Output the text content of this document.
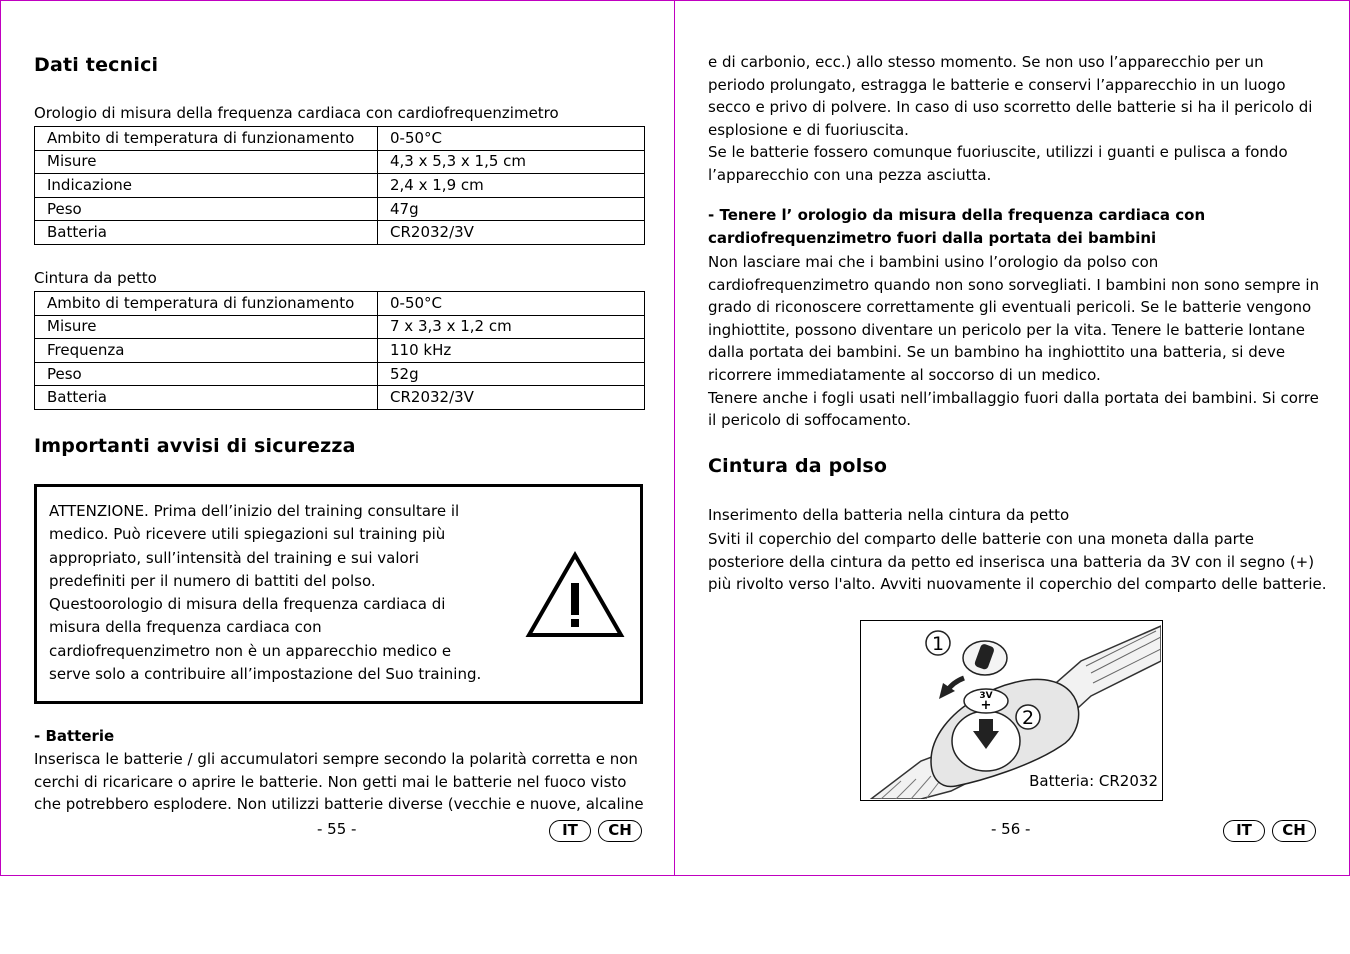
Dati tecnici
Orologio di misura della frequenza cardiaca con cardiofrequenzimetro
Ambito di temperatura di funzionamento	0-50°C
Misure	4,3 x 5,3 x 1,5 cm
Indicazione	2,4 x 1,9 cm
Peso	47g
Batteria	CR2032/3V
Cintura da petto
Ambito di temperatura di funzionamento	0-50°C
Misure	7 x 3,3 x 1,2 cm
Frequenza	110 kHz
Peso	52g
Batteria	CR2032/3V
Importanti avvisi di sicurezza
ATTENZIONE. Prima dell’inizio del training consultare il
medico. Può ricevere utili spiegazioni sul training più
appropriato, sull’intensità del training e sui valori
predefiniti per il numero di battiti del polso.
Questoorologio di misura della frequenza cardiaca di
misura della frequenza cardiaca con
cardiofrequenzimetro non è un apparecchio medico e
serve solo a contribuire all’impostazione del Suo training.
- Batterie
Inserisca le batterie / gli accumulatori sempre secondo la polarità corretta e non
cerchi di ricaricare o aprire le batterie. Non getti mai le batterie nel fuoco visto
che potrebbero esplodere. Non utilizzi batterie diverse (vecchie e nuove, alcaline
- 55 -	IT	CH
e di carbonio, ecc.) allo stesso momento. Se non uso l’apparecchio per un
periodo prolungato, estragga le batterie e conservi l’apparecchio in un luogo
secco e privo di polvere. In caso di uso scorretto delle batterie si ha il pericolo di
esplosione e di fuoriuscita.
Se le batterie fossero comunque fuoriuscite, utilizzi i guanti e pulisca a fondo
l’apparecchio con una pezza asciutta.
- Tenere l’ orologio da misura della frequenza cardiaca con
cardiofrequenzimetro fuori dalla portata dei bambini
Non lasciare mai che i bambini usino l’orologio da polso con
cardiofrequenzimetro quando non sono sorvegliati. I bambini non sono sempre in
grado di riconoscere correttamente gli eventuali pericoli. Se le batterie vengono
inghiottite, possono diventare un pericolo per la vita. Tenere le batterie lontane
dalla portata dei bambini. Se un bambino ha inghiottito una batteria, si deve
ricorrere immediatamente al soccorso di un medico.
Tenere anche i fogli usati nell’imballaggio fuori dalla portata dei bambini. Si corre
il pericolo di soffocamento.
Cintura da polso
Inserimento della batteria nella cintura da petto
Sviti il coperchio del comparto delle batterie con una moneta dalla parte
posteriore della cintura da petto ed inserisca una batteria da 3V con il segno (+)
più rivolto verso l'alto. Avviti nuovamente il coperchio del comparto delle batterie.
3V
+
1
2
Batteria: CR2032
- 56 -	IT	CH
